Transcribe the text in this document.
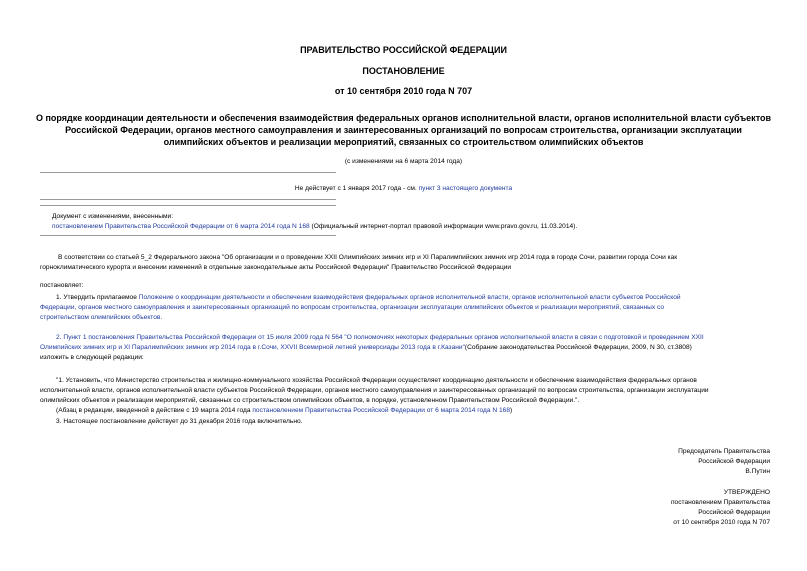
ПРАВИТЕЛЬСТВО РОССИЙСКОЙ ФЕДЕРАЦИИ
ПОСТАНОВЛЕНИЕ
от 10 сентября 2010 года N 707
О порядке координации деятельности и обеспечения взаимодействия федеральных органов исполнительной власти, органов исполнительной власти субъектов
Российской Федерации, органов местного самоуправления и заинтересованных организаций по вопросам строительства, организации эксплуатации
олимпийских объектов и реализации мероприятий, связанных со строительством олимпийских объектов
(с изменениями на 6 марта 2014 года)
Не действует с 1 января 2017 года - см. пункт 3 настоящего документа
Документ с изменениями, внесенными:
постановлением Правительства Российской Федерации от 6 марта 2014 года N 168 (Официальный интернет-портал правовой информации www.pravo.gov.ru, 11.03.2014).
В соответствии со статьей 5_2 Федерального закона "Об организации и о проведении XXII Олимпийских зимних игр и XI Паралимпийских зимних игр 2014 года в городе Сочи, развитии города Сочи как
горноклиматического курорта и внесении изменений в отдельные законодательные акты Российской Федерации" Правительство Российской Федерации
постановляет:
1. Утвердить прилагаемое Положение о координации деятельности и обеспечении взаимодействия федеральных органов исполнительной власти, органов исполнительной власти субъектов Российской
Федерации, органов местного самоуправления и заинтересованных организаций по вопросам строительства, организации эксплуатации олимпийских объектов и реализации мероприятий, связанных со
строительством олимпийских объектов.
2. Пункт 1 постановления Правительства Российской Федерации от 15 июля 2009 года N 564 "О полномочиях некоторых федеральных органов исполнительной власти в связи с подготовкой и проведением XXII
Олимпийских зимних игр и XI Паралимпийских зимних игр 2014 года в г.Сочи, XXVII Всемирной летней универсиады 2013 года в г.Казани"(Собрание законодательства Российской Федерации, 2009, N 30, ст.3808)
изложить в следующей редакции:
"1. Установить, что Министерство строительства и жилищно-коммунального хозяйства Российской Федерации осуществляет координацию деятельности и обеспечение взаимодействия федеральных органов
исполнительной власти, органов исполнительной власти субъектов Российской Федерации, органов местного самоуправления и заинтересованных организаций по вопросам строительства, организации эксплуатации
олимпийских объектов и реализации мероприятий, связанных со строительством олимпийских объектов, в порядке, установленном Правительством Российской Федерации.".
(Абзац в редакции, введенной в действие с 19 марта 2014 года постановлением Правительства Российской Федерации от 6 марта 2014 года N 168)
3. Настоящее постановление действует до 31 декабря 2016 года включительно.
Председатель Правительства
Российской Федерации
В.Путин
УТВЕРЖДЕНО
постановлением Правительства
Российской Федерации
от 10 сентября 2010 года N 707
